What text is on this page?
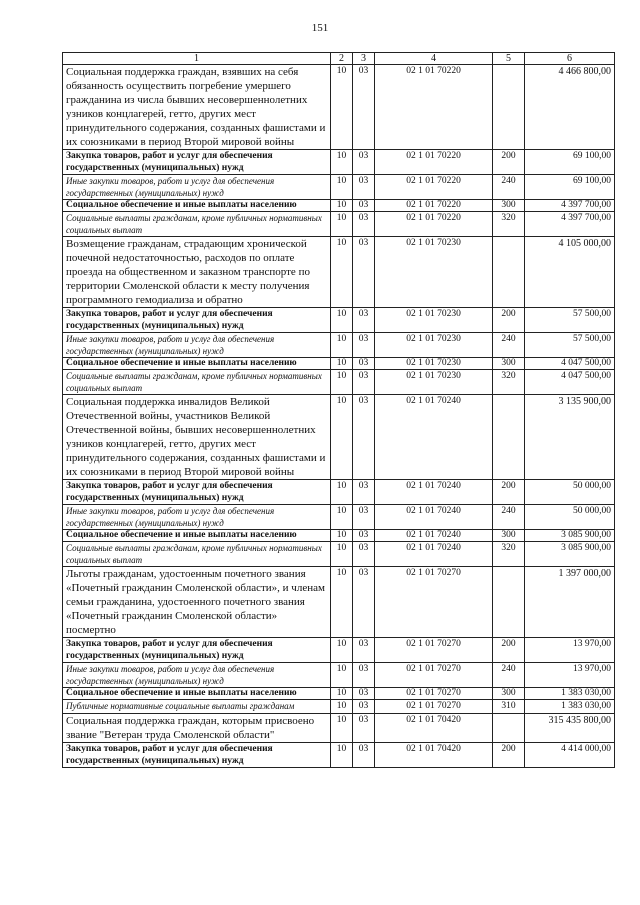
151
1	2	3	4	5	6
Социальная поддержка граждан, взявших на себя обязанность осуществить погребение умершего гражданина из числа бывших несовершеннолетних узников концлагерей, гетто, других мест принудительного содержания, созданных фашистами и их союзниками в период Второй мировой войны	10	03	02 1 01 70220		4 466 800,00
Закупка товаров, работ и услуг для обеспечения государственных (муниципальных) нужд	10	03	02 1 01 70220	200	69 100,00
Иные закупки товаров, работ и услуг для обеспечения государственных (муниципальных) нужд	10	03	02 1 01 70220	240	69 100,00
Социальное обеспечение и иные выплаты населению	10	03	02 1 01 70220	300	4 397 700,00
Социальные выплаты гражданам, кроме публичных нормативных социальных выплат	10	03	02 1 01 70220	320	4 397 700,00
Возмещение гражданам, страдающим хронической почечной недостаточностью, расходов по оплате проезда на общественном и заказном транспорте по территории Смоленской области к месту получения программного гемодиализа и обратно	10	03	02 1 01 70230		4 105 000,00
Закупка товаров, работ и услуг для обеспечения государственных (муниципальных) нужд	10	03	02 1 01 70230	200	57 500,00
Иные закупки товаров, работ и услуг для обеспечения государственных (муниципальных) нужд	10	03	02 1 01 70230	240	57 500,00
Социальное обеспечение и иные выплаты населению	10	03	02 1 01 70230	300	4 047 500,00
Социальные выплаты гражданам, кроме публичных нормативных социальных выплат	10	03	02 1 01 70230	320	4 047 500,00
Социальная поддержка инвалидов Великой Отечественной войны, участников Великой Отечественной войны, бывших несовершеннолетних узников концлагерей, гетто, других мест принудительного содержания, созданных фашистами и их союзниками в период Второй мировой войны	10	03	02 1 01 70240		3 135 900,00
Закупка товаров, работ и услуг для обеспечения государственных (муниципальных) нужд	10	03	02 1 01 70240	200	50 000,00
Иные закупки товаров, работ и услуг для обеспечения государственных (муниципальных) нужд	10	03	02 1 01 70240	240	50 000,00
Социальное обеспечение и иные выплаты населению	10	03	02 1 01 70240	300	3 085 900,00
Социальные выплаты гражданам, кроме публичных нормативных социальных выплат	10	03	02 1 01 70240	320	3 085 900,00
Льготы гражданам, удостоенным почетного звания «Почетный гражданин Смоленской области», и членам семьи гражданина, удостоенного почетного звания «Почетный гражданин Смоленской области» посмертно	10	03	02 1 01 70270		1 397 000,00
Закупка товаров, работ и услуг для обеспечения государственных (муниципальных) нужд	10	03	02 1 01 70270	200	13 970,00
Иные закупки товаров, работ и услуг для обеспечения государственных (муниципальных) нужд	10	03	02 1 01 70270	240	13 970,00
Социальное обеспечение и иные выплаты населению	10	03	02 1 01 70270	300	1 383 030,00
Публичные нормативные социальные выплаты гражданам	10	03	02 1 01 70270	310	1 383 030,00
Социальная поддержка граждан, которым присвоено звание "Ветеран труда Смоленской области"	10	03	02 1 01 70420		315 435 800,00
Закупка товаров, работ и услуг для обеспечения государственных (муниципальных) нужд	10	03	02 1 01 70420	200	4 414 000,00
